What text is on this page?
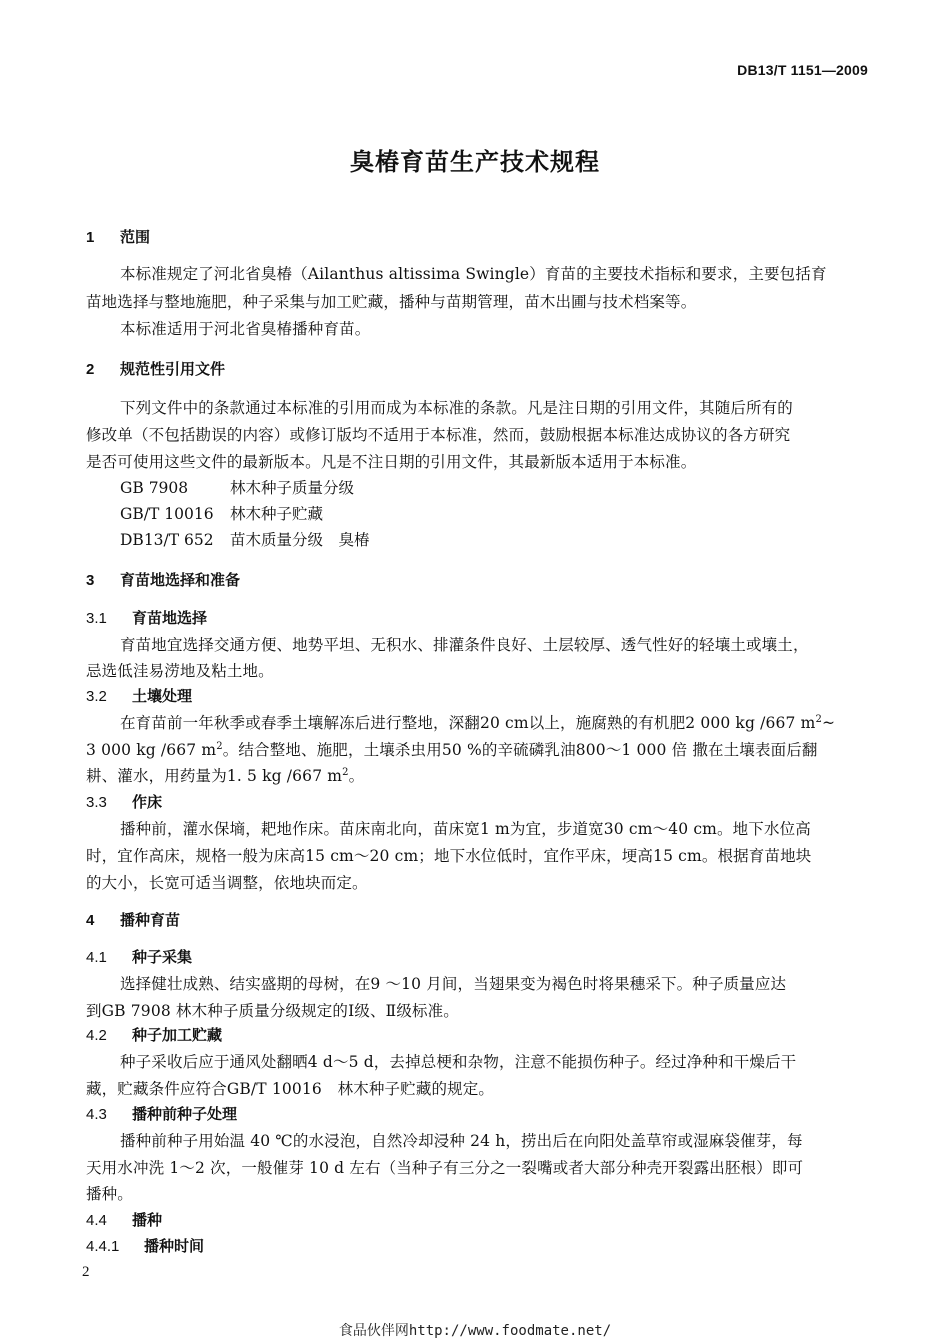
DB13/T 1151—2009
臭椿育苗生产技术规程
1 范围
本标准规定了河北省臭椿（Ailanthus altissima Swingle）育苗的主要技术指标和要求，主要包括育
苗地选择与整地施肥，种子采集与加工贮藏，播种与苗期管理，苗木出圃与技术档案等。
本标准适用于河北省臭椿播种育苗。
2 规范性引用文件
下列文件中的条款通过本标准的引用而成为本标准的条款。凡是注日期的引用文件，其随后所有的
修改单（不包括勘误的内容）或修订版均不适用于本标准，然而，鼓励根据本标准达成协议的各方研究
是否可使用这些文件的最新版本。凡是不注日期的引用文件，其最新版本适用于本标准。
GB 7908	林木种子质量分级
GB/T 10016 林木种子贮藏
DB13/T 652 苗木质量分级　臭椿
3 育苗地选择和准备
3.1 育苗地选择
育苗地宜选择交通方便、地势平坦、无积水、排灌条件良好、土层较厚、透气性好的轻壤土或壤土，
忌选低洼易涝地及粘土地。
3.2 土壤处理
在育苗前一年秋季或春季土壤解冻后进行整地，深翻20 cm以上，施腐熟的有机肥2 000 kg /667 $m^2\sim$
3 000 kg /667 $m^2$。结合整地、施肥，土壤杀虫用50 %的辛硫磷乳油800～1 000 倍 撒在土壤表面后翻
耕、灌水，用药量为1. 5 kg /667 $m^2$。
3.3 作床
播种前，灌水保墒，耙地作床。苗床南北向，苗床宽1 m为宜，步道宽30 cm～40 cm。地下水位高
时，宜作高床，规格一般为床高15 cm～20 cm；地下水位低时，宜作平床，埂高15 cm。根据育苗地块
的大小，长宽可适当调整，依地块而定。
4 播种育苗
4.1 种子采集
选择健壮成熟、结实盛期的母树，在9 ～10 月间，当翅果变为褐色时将果穗采下。种子质量应达
到GB 7908 林木种子质量分级规定的Ⅰ级、Ⅱ级标准。
4.2 种子加工贮藏
种子采收后应于通风处翻晒4 d～5 d，去掉总梗和杂物，注意不能损伤种子。经过净种和干燥后干
藏，贮藏条件应符合GB/T 10016　林木种子贮藏的规定。
4.3 播种前种子处理
播种前种子用始温 40 ℃的水浸泡，自然冷却浸种 24 h，捞出后在向阳处盖草帘或湿麻袋催芽，每
天用水冲洗 1～2 次，一般催芽 10 d 左右（当种子有三分之一裂嘴或者大部分种壳开裂露出胚根）即可
播种。
4.4 播种
4.4.1 播种时间
2
食品伙伴网http://www.foodmate.net/
